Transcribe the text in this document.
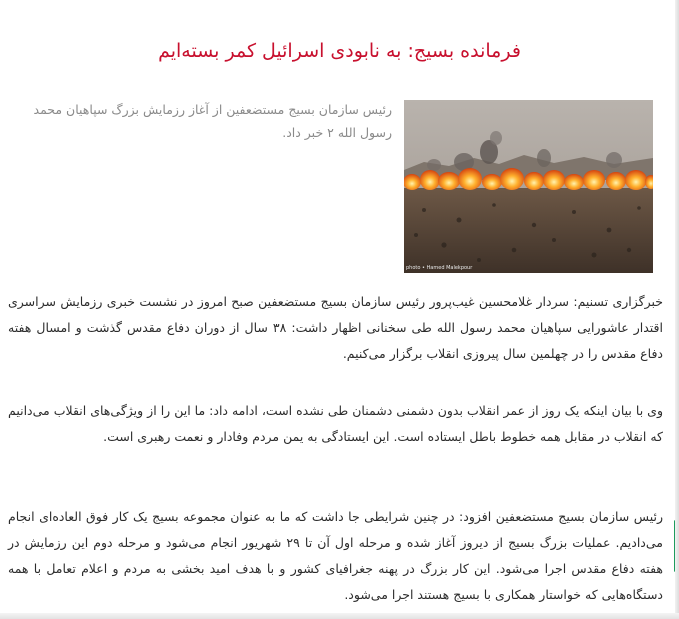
فرمانده بسیج: به نابودی اسرائیل کمر بسته‌ایم
photo • Hamed Malekpour

رئیس سازمان بسیج مستضعفین از آغاز رزمایش بزرگ سپاهیان محمد رسول الله ۲ خبر داد.

خبرگزاری تسنیم: سردار غلامحسین غیب‌پرور رئیس سازمان بسیج مستضعفین صبح امروز در نشست خبری رزمایش سراسری اقتدار عاشورایی سپاهیان محمد رسول الله طی سخنانی اظهار داشت: ۳۸ سال از دوران دفاع مقدس گذشت و امسال هفته دفاع مقدس را در چهلمین سال پیروزی انقلاب برگزار می‌کنیم.

وی با بیان اینکه یک روز از عمر انقلاب بدون دشمنی دشمنان طی نشده است، ادامه داد: ما این را از ویژگی‌های انقلاب می‌دانیم که انقلاب در مقابل همه خطوط باطل ایستاده است. این ایستادگی به یمن مردم وفادار و نعمت رهبری است.

رئیس سازمان بسیج مستضعفین افزود: در چنین شرایطی جا داشت که ما به عنوان مجموعه بسیج یک کار فوق العاده‌ای انجام می‌دادیم. عملیات بزرگ بسیج از دیروز آغاز شده و مرحله اول آن تا ۲۹ شهریور انجام می‌شود و مرحله دوم این رزمایش در هفته دفاع مقدس اجرا می‌شود. این کار بزرگ در پهنه جغرافیای کشور و با هدف امید بخشی به مردم و اعلام تعامل با همه دستگاه‌هایی که خواستار همکاری با بسیج هستند اجرا می‌شود.
